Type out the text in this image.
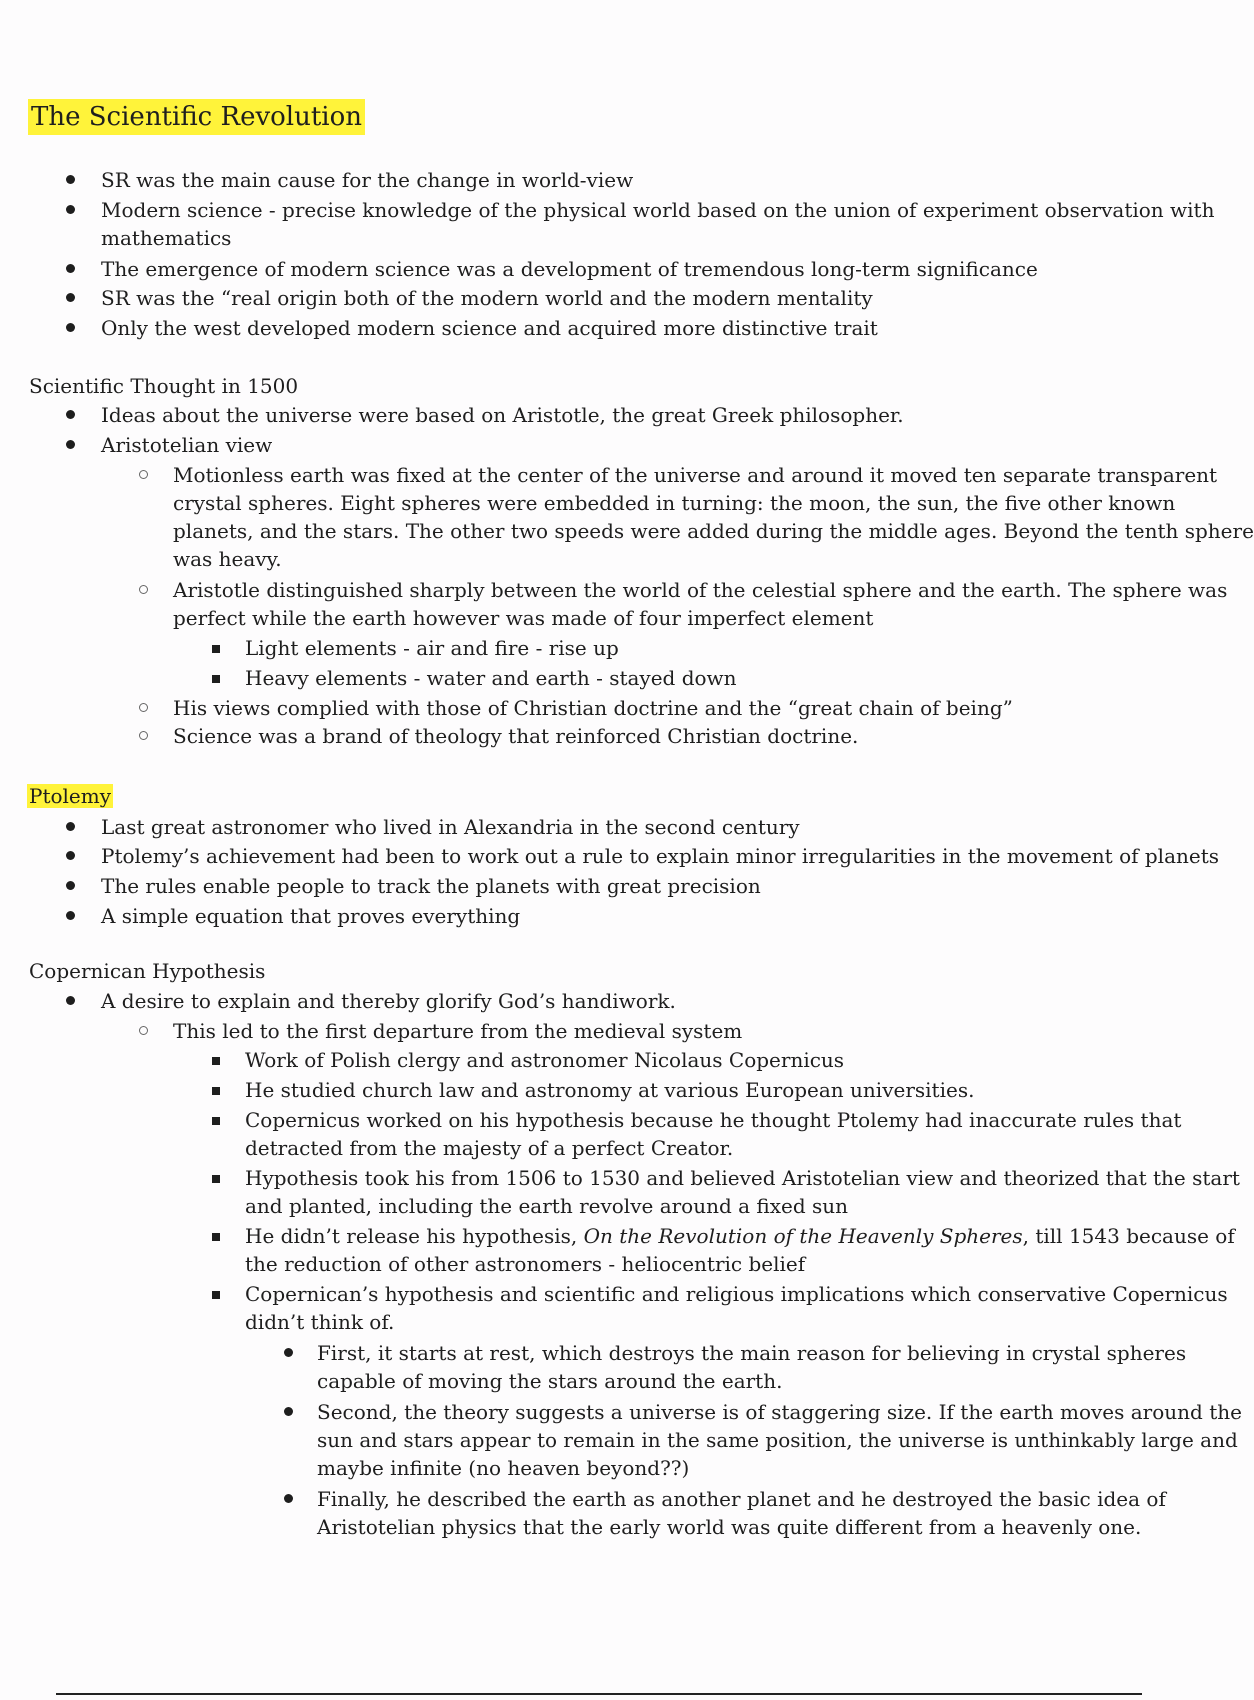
The Scientific Revolution
SR was the main cause for the change in world-view
Modern science - precise knowledge of the physical world based on the union of experiment observation with
mathematics
The emergence of modern science was a development of tremendous long-term significance
SR was the “real origin both of the modern world and the modern mentality
Only the west developed modern science and acquired more distinctive trait
Scientific Thought in 1500
Ideas about the universe were based on Aristotle, the great Greek philosopher.
Aristotelian view
Motionless earth was fixed at the center of the universe and around it moved ten separate transparent
crystal spheres. Eight spheres were embedded in turning: the moon, the sun, the five other known
planets, and the stars. The other two speeds were added during the middle ages. Beyond the tenth sphere
was heavy.
Aristotle distinguished sharply between the world of the celestial sphere and the earth. The sphere was
perfect while the earth however was made of four imperfect element
Light elements - air and fire - rise up
Heavy elements - water and earth - stayed down
His views complied with those of Christian doctrine and the “great chain of being”
Science was a brand of theology that reinforced Christian doctrine.
Ptolemy
Last great astronomer who lived in Alexandria in the second century
Ptolemy’s achievement had been to work out a rule to explain minor irregularities in the movement of planets
The rules enable people to track the planets with great precision
A simple equation that proves everything
Copernican Hypothesis
A desire to explain and thereby glorify God’s handiwork.
This led to the first departure from the medieval system
Work of Polish clergy and astronomer Nicolaus Copernicus
He studied church law and astronomy at various European universities.
Copernicus worked on his hypothesis because he thought Ptolemy had inaccurate rules that
detracted from the majesty of a perfect Creator.
Hypothesis took his from 1506 to 1530 and believed Aristotelian view and theorized that the start
and planted, including the earth revolve around a fixed sun
He didn’t release his hypothesis, On the Revolution of the Heavenly Spheres, till 1543 because of
the reduction of other astronomers - heliocentric belief
Copernican’s hypothesis and scientific and religious implications which conservative Copernicus
didn’t think of.
First, it starts at rest, which destroys the main reason for believing in crystal spheres
capable of moving the stars around the earth.
Second, the theory suggests a universe is of staggering size. If the earth moves around the
sun and stars appear to remain in the same position, the universe is unthinkably large and
maybe infinite (no heaven beyond??)
Finally, he described the earth as another planet and he destroyed the basic idea of
Aristotelian physics that the early world was quite different from a heavenly one.
